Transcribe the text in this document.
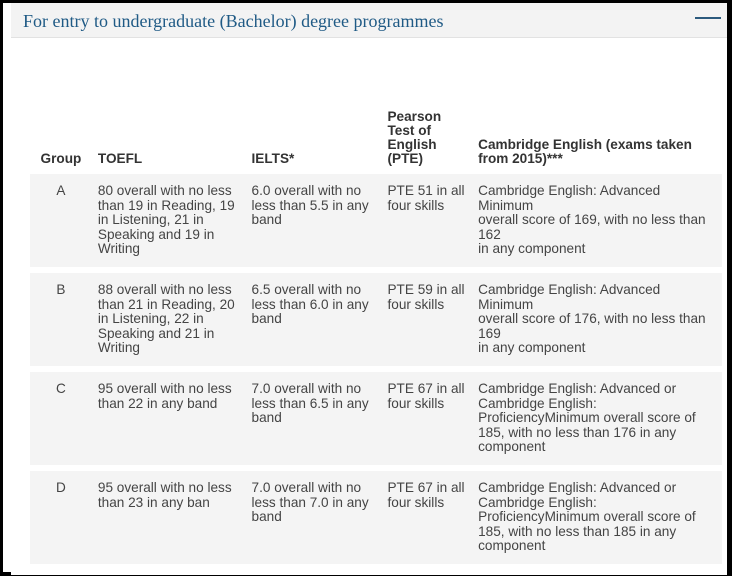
For entry to undergraduate (Bachelor) degree programmes
Group	TOEFL	IELTS*	Pearson Test of English (PTE)	Cambridge English (exams taken from 2015)***
A	80 overall with no less than 19 in Reading, 19 in Listening, 21 in Speaking and 19 in Writing	6.0 overall with no less than 5.5 in any band	PTE 51 in all four skills	Cambridge English: Advanced Minimum
overall score of 169, with no less than 162
in any component

B	88 overall with no less than 21 in Reading, 20 in Listening, 22 in Speaking and 21 in Writing	6.5 overall with no less than 6.0 in any band	PTE 59 in all four skills	Cambridge English: Advanced Minimum
overall score of 176, with no less than 169
in any component

C	95 overall with no less than 22 in any band	7.0 overall with no less than 6.5 in any band	PTE 67 in all four skills	Cambridge English: Advanced or Cambridge English: ProficiencyMinimum overall score of 185, with no less than 176 in any component

D	95 overall with no less than 23 in any ban	7.0 overall with no less than 7.0 in any band	PTE 67 in all four skills	Cambridge English: Advanced or Cambridge English: ProficiencyMinimum overall score of 185, with no less than 185 in any component
